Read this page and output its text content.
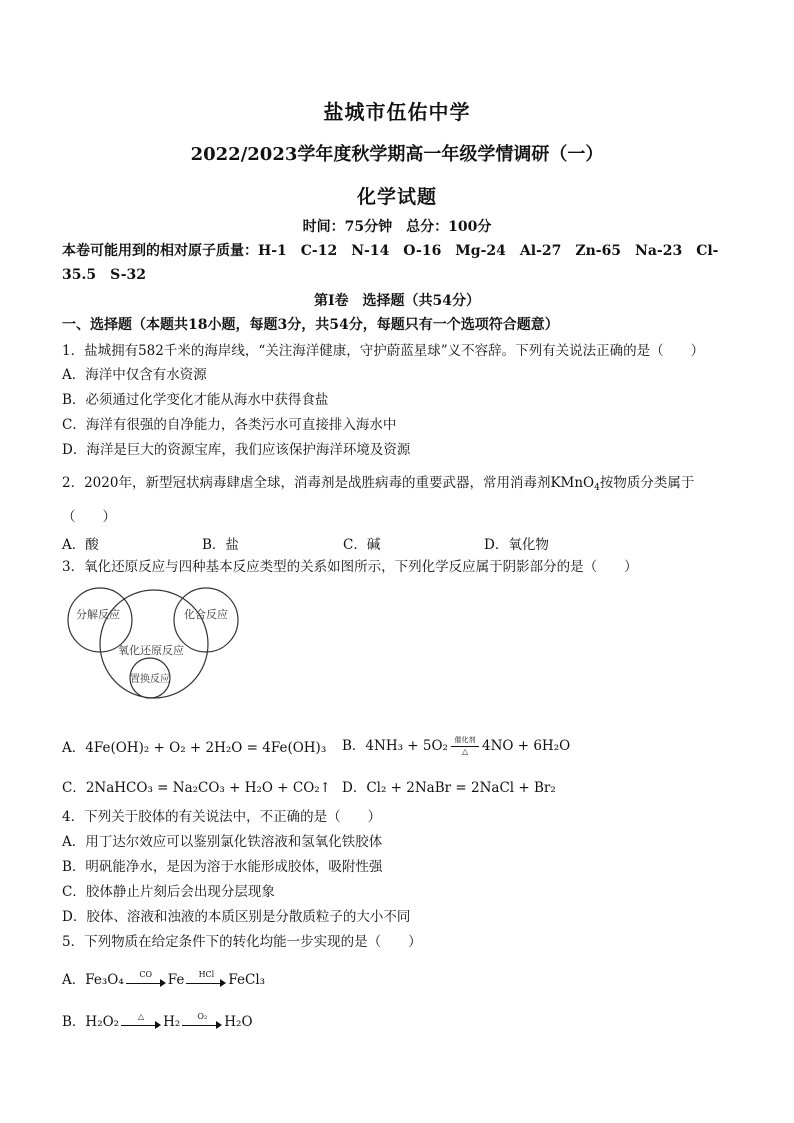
盐城市伍佑中学
2022/2023学年度秋学期高一年级学情调研（一）
化学试题
时间：75分钟　总分：100分
本卷可能用到的相对原子质量：H-1　C-12　N-14　O-16　Mg-24　Al-27　Zn-65　Na-23　Cl-
35.5　S-32
第Ⅰ卷　选择题（共54分）
一、选择题（本题共18小题，每题3分，共54分，每题只有一个选项符合题意）
1．盐城拥有582千米的海岸线，“关注海洋健康，守护蔚蓝星球”义不容辞。下列有关说法正确的是（　　）
A．海洋中仅含有水资源
B．必须通过化学变化才能从海水中获得食盐
C．海洋有很强的自净能力，各类污水可直接排入海水中
D．海洋是巨大的资源宝库，我们应该保护海洋环境及资源
2．2020年，新型冠状病毒肆虐全球，消毒剂是战胜病毒的重要武器，常用消毒剂KMnO$_4$按物质分类属于
（　　）
A．酸	B．盐	C．碱	D．氧化物
3．氧化还原反应与四种基本反应类型的关系如图所示，下列化学反应属于阴影部分的是（　　）
分解反应	化合反应
氧化还原反应
置换反应
A．4Fe(OH)₂ + O₂ + 2H₂O = 4Fe(OH)₃ B．4NH₃ + 5O₂ 催化剂
△	4NO + 6H₂O
C．2NaHCO₃ = Na₂CO₃ + H₂O + CO₂↑ D．Cl₂ + 2NaBr = 2NaCl + Br₂
4．下列关于胶体的有关说法中，不正确的是（　　）
A．用丁达尔效应可以鉴别氯化铁溶液和氢氧化铁胶体
B．明矾能净水，是因为溶于水能形成胶体，吸附性强
C．胶体静止片刻后会出现分层现象
D．胶体、溶液和浊液的本质区别是分散质粒子的大小不同
5．下列物质在给定条件下的转化均能一步实现的是（　　）
A．Fe₃O₄	CO	Fe	HCl	FeCl₃
B．H₂O₂	△	H₂	O₂	H₂O
